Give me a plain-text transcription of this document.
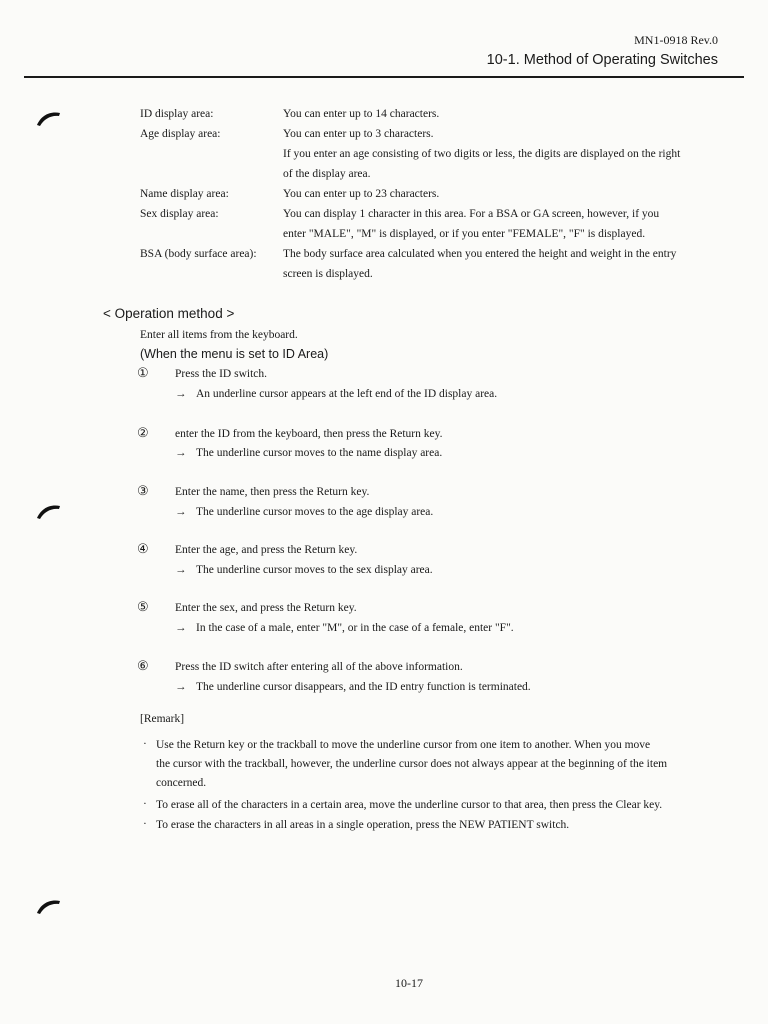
MN1-0918 Rev.0
10-1. Method of Operating Switches
ID display area:	You can enter up to 14 characters.
Age display area:	You can enter up to 3 characters.
If you enter an age consisting of two digits or less, the digits are displayed on the right
of the display area.
Name display area:	You can enter up to 23 characters.
Sex display area:	You can display 1 character in this area. For a BSA or GA screen, however, if you
enter "MALE", "M" is displayed, or if you enter "FEMALE", "F" is displayed.
BSA (body surface area): The body surface area calculated when you entered the height and weight in the entry
screen is displayed.
< Operation method >
Enter all items from the keyboard.
(When the menu is set to ID Area)
① Press the ID switch.
→ An underline cursor appears at the left end of the ID display area.
② enter the ID from the keyboard, then press the Return key.
→ The underline cursor moves to the name display area.
③ Enter the name, then press the Return key.
→ The underline cursor moves to the age display area.
④ Enter the age, and press the Return key.
→ The underline cursor moves to the sex display area.
⑤ Enter the sex, and press the Return key.
→ In the case of a male, enter "M", or in the case of a female, enter "F".
⑥ Press the ID switch after entering all of the above information.
→ The underline cursor disappears, and the ID entry function is terminated.
[Remark]
· Use the Return key or the trackball to move the underline cursor from one item to another. When you move
the cursor with the trackball, however, the underline cursor does not always appear at the beginning of the item
concerned.
· To erase all of the characters in a certain area, move the underline cursor to that area, then press the Clear key.
· To erase the characters in all areas in a single operation, press the NEW PATIENT switch.
10-17
